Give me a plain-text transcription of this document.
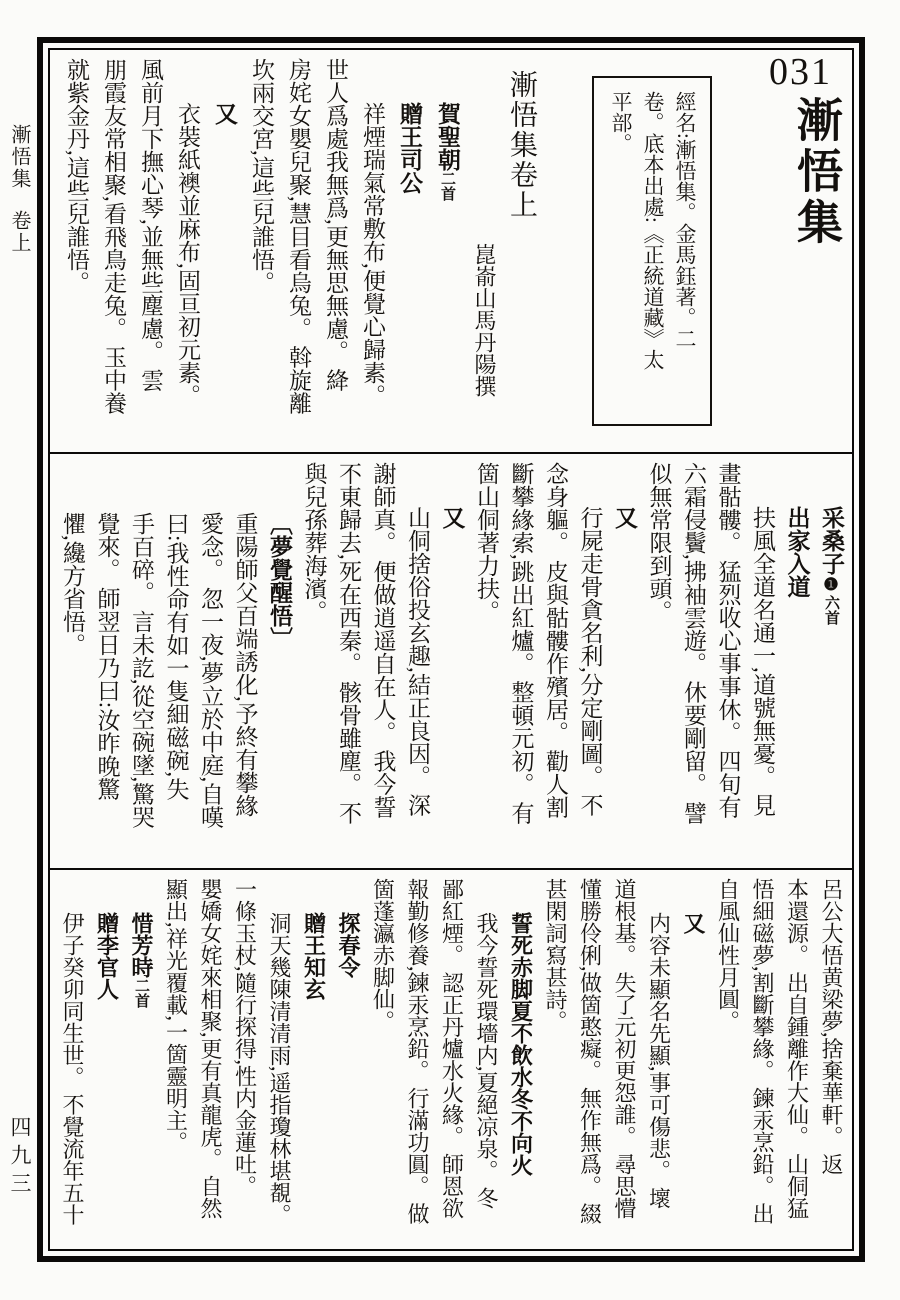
漸悟集卷上
四九三
031
漸悟集

經名:漸悟集。金馬鈺著。二

卷。底本出處:《正統道藏》太

平部。

漸悟集卷上

崑嵛山馬丹陽撰

賀聖朝二首

贈王司公

祥煙瑞氣常敷布,便覺心歸素。

世人爲處我無爲,更無思無慮。 絳

房姹女嬰兒聚,慧目看烏兔。 斡旋離

坎兩交宮,這些兒誰悟。

又

衣裝紙襖並麻布,固亘初元素。

風前月下撫心琴,並無些塵慮。 雲

朋霞友常相聚,看飛鳥走兔。 玉中養

就紫金丹,這些兒誰悟。

采桑子❶六首

出家入道

扶風全道名通一,道號無憂。 見

畫骷髏。 猛烈收心事事休。 四旬有

六霜侵鬢,拂袖雲遊。 休要剛留。 譬

似無常限到頭。

又

行屍走骨貪名利,分定剛圖。 不

念身軀。 皮與骷髏作殯居。 勸人割

斷攀緣索,跳出紅爐。 整頓元初。 有

箇山侗著力扶。

又

山侗捨俗投玄趣,結正良因。 深

謝師真。 便做逍遥自在人。 我今誓

不東歸去,死在西秦。 骸骨雖塵。 不

與兒孫葬海濱。

〔夢覺醒悟〕

重陽師父百端誘化,予終有攀緣

愛念。 忽一夜,夢立於中庭,自嘆

曰:我性命有如一隻細磁碗,失

手百碎。 言未訖,從空碗墜,驚哭

覺來。 師翌日乃曰:汝昨晚驚

懼,纔方省悟。

呂公大悟黄梁夢,捨棄華軒。 返

本還源。 出自鍾離作大仙。 山侗猛

悟細磁夢,割斷攀緣。 鍊汞烹鉛。 出

自風仙性月圓。

又

内容未顯名先顯,事可傷悲。 壞

道根基。 失了元初更怨誰。 尋思懵

懂勝伶俐,做箇憨癡。 無作無爲。 綴

甚閑詞寫甚詩。

誓死赤脚夏不飲水冬不向火

我今誓死環墻内,夏絕凉泉。 冬

鄙紅煙。 認正丹爐水火緣。 師恩欲

報勤修養,鍊汞烹鉛。 行滿功圓。 做

箇蓬瀛赤脚仙。

探春令

贈王知玄

洞天幾陳清清雨,遥指瓊林堪覩。

一條玉杖,隨行探得,性内金蓮吐。

嬰嬌女姹來相聚,更有真龍虎。 自然

顯出,祥光覆載,一箇靈明主。

惜芳時二首

贈李官人

伊子癸卯同生世。 不覺流年五十
